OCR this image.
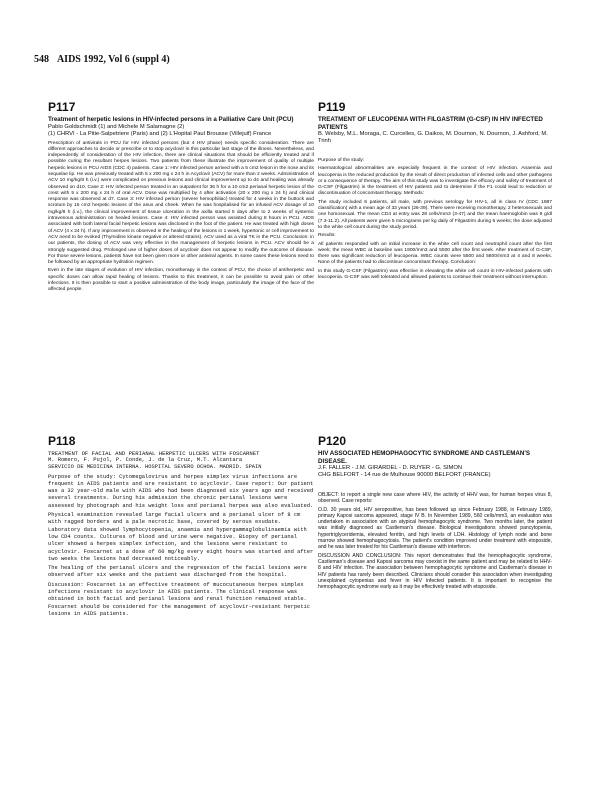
548 AIDS 1992, Vol 6 (suppl 4)
P117
Treatment of herpetic lesions in HIV-infected persons in a Palliative Care Unit (PCU)
Pablo Goldschmidt (1) and Michele M Salamagne (2)
(1) CHRVI - La Pitie-Salpetriere (Paris) and (2) L'Hopital Paul Brousse (Villejuif) France

Prescription of antivirals in PCU for HIV infected persons (but 4 HIV phase) needs specific consideration. There are different approaches to decide or prescribe or to stop acyclovir in this particular last stage of the illness. Nevertheless, and independently of consideration of the HIV infection, there are clinical situations that should be efficiently treated and if possible curing the resultant herpes lesions. Two patients from these illustrate the improvement of quality of multiple herpetic lesions in PCU AIDS (CDC 4) patients. Case 1: HIV infected person arrived with a 5 cm2 lesion in the nose and its sequelae lip. He was previously treated with 5 x 200 mg x 24 h in Acyclovir (ACV) for more than 2 weeks. Administration of ACV 10 mg/kg/8 h (i.v.) were complicated on previous lesions and clinical improvement up to d4 and healing was already observed on d10. Case 2: HIV infected person treated in an outpatient for 36 h for a 10 cm2 perianal herpetic lesion of the crest with 5 x 200 mg x 24 h of oral ACV. Dose was multiplied by 4 after activation (20 x 200 mg x 24 h) and clinical response was observed at d7. Case 3: HIV infected person (severe hemophiliac) treated for 4 weeks in the buttock and scrotum by 15 cm2 herpetic lesions of the anus and cheek. When he was hospitalised for an infused ACV dosage of 10 mg/kg/8 h (i.v.), the clinical improvement of tissue ulceration in the axilla started 5 days after to 2 weeks of systemic intravenous administration on healed lesions. Case 4: HIV infected person was assisted during 8 hours in PCU. AIDS associated with both lateral facial herpetic lesions was disclosed in the foot of the patient. He was treated with high doses of ACV (4 x 24 h). If any improvement is observed in the healing of the lesions in 1 week, hypertonic or cell improvement to ACV need to be evoked (Thymidine kinase negative or altered strains). ACV used as a viral TK in the PCU. Conclusion: in our patients, the dosing of ACV was very effective in the management of herpetic lesions in PCU. ACV should be a strongly suggested drug. Prolonged use of higher doses of acyclovir does not appear to modify the outcome of disease. For those severe lesions, patients have not been given more or other antiviral agents. In some cases these lesions need to be followed by an appropriate hydration regimen.

Even in the late stages of evolution of HIV infection, monotherapy in the context of PCU, the choice of antiherpetic and specific doses can allow rapid healing of lesions. Thanks to this treatment, it can be possible to avoid pain or other infections. It is then possible to start a positive administration of the body image, particularly the image of the face of the affected people.

P119
TREATMENT OF LEUCOPENIA WITH FILGASTRIM (G-CSF) IN HIV INFECTED PATIENTS
B. Welsby, M.L. Moraga, C. Curcelles, G. Daikos, M. Dournon, N. Dournon, J. Ashford, M. Trinh

Purpose of the study:

Haematological abnormalities are especially frequent in the context of HIV infection. Anaemia and leucopenia is the reduced production by the result of direct production of infected cells and other pathogens or a consequence of therapy. The aim of this study was to investigate the efficacy and safety of treatment of G-CSF (Filgastrim) in the treatment of HIV patients and to determine if the F1 could lead to reduction or discontinuation of concomitant therapy. Methods:

The study included 6 patients, all male, with previous serology for HIV-1, all in class IV (CDC 1987 classification) with a mean age of 33 years (26-39). There were receiving monotherapy, 2 heterosexuals and one homosexual. The mean CD4 at entry was 28 cells/mm3 (3-47) and the mean haemoglobin was 9 g/dl (7.3-11.2). All patients were given 5 micrograms per kg daily of Filgastrim during 5 weeks; the dose adjusted to the white cell count during the study period.

Results:

All patients responded with an initial increase in the white cell count and neutrophil count after the first week; the mean WBC at baseline was 1900/mm3 and 5500 after the first week. After treatment of G-CSF, there was significant reduction of leucopenia. WBC counts were 5500 and 5600/mm3 at 4 and 8 weeks. None of the patients had to discontinue concomitant therapy. Conclusion:

In this study G-CSF (Filgastrim) was effective in elevating the white cell count in HIV-infected patients with leucopenia. G-CSF was well tolerated and allowed patients to continue their treatment without interruption.

P118
TREATMENT OF FACIAL AND PERIANAL HERPETIC ULCERS WITH FOSCARNET
M. Romero, F. Pujol, P. Conde, J. de la Cruz, M.T. Alcantara
SERVICIO DE MEDICINA INTERNA. HOSPITAL SEVERO OCHOA. MADRID. SPAIN

Purpose of the study: Cytomegalovirus and herpes simplex virus infections are frequent in AIDS patients and are resistant to acyclovir. Case report: Our patient was a 32 year-old male with AIDS who had been diagnosed six years ago and received several treatments. During his admission the chronic perianal lesions were assessed by photograph and his weight loss and perianal herpes was also evaluated.

Physical examination revealed large facial ulcers and a perianal ulcer of 8 cm with ragged borders and a pale necrotic base, covered by serous exudate. Laboratory data showed lymphocytopenia, anaemia and hypergammaglobulinaemia with low CD4 counts. Cultures of blood and urine were negative. Biopsy of perianal ulcer showed a herpes simplex infection, and the lesions were resistant to acyclovir. Foscarnet at a dose of 60 mg/kg every eight hours was started and after two weeks the lesions had decreased noticeably.

The healing of the perianal ulcers and the regression of the facial lesions were observed after six weeks and the patient was discharged from the hospital.

Discussion: Foscarnet is an effective treatment of mucocutaneous herpes simplex infections resistant to acyclovir in AIDS patients. The clinical response was obtained in both facial and perianal lesions and renal function remained stable. Foscarnet should be considered for the management of acyclovir-resistant herpetic lesions in AIDS patients.

P120
HIV ASSOCIATED HEMOPHAGOCYTIC SYNDROME AND CASTLEMAN'S DISEASE.
J.F. FALLER - J.M. GIRARDEL - D. RUYER - G. SIMON
CHG BELFORT - 14 rue de Mulhouse 90000 BELFORT (FRANCE)

OBJECT: to report a single new case where HIV, the activity of HHV was, for human herpes virus 8, observed. Case reports:

O.D. 30 years old, HIV seropositive, has been followed up since February 1988, in February 1989, primary Kaposi sarcoma appeared, stage IV B. In November 1989, 560 cells/mm3, an evaluation was undertaken in association with an atypical hemophagocytic syndrome. Two months later, the patient was initially diagnosed as Castleman's disease. Biological investigations showed pancytopenia, hypertriglyceridemia, elevated ferritin, and high levels of LDH. Histology of lymph node and bone marrow showed hemophagocytosis. The patient's condition improved under treatment with etoposide, and he was later treated for his Castleman's disease with interferon.

DISCUSSION AND CONCLUSION: This report demonstrates that the hemophagocytic syndrome, Castleman's disease and Kaposi sarcoma may coexist in the same patient and may be related to HHV-8 and HIV infection. The association between hemophagocytic syndrome and Castleman's disease in HIV patients has rarely been described. Clinicians should consider this association when investigating unexplained cytopenias and fever in HIV infected patients. It is important to recognise the hemophagocytic syndrome early as it may be effectively treated with etoposide.
